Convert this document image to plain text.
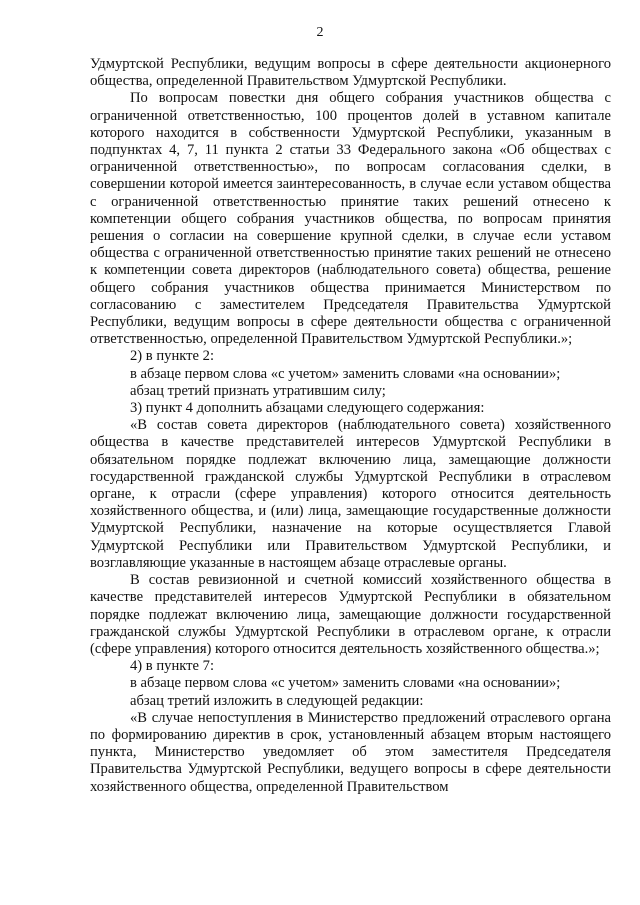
2

Удмуртской Республики, ведущим вопросы в сфере деятельности акционерного общества, определенной Правительством Удмуртской Республики.

По вопросам повестки дня общего собрания участников общества с ограниченной ответственностью, 100 процентов долей в уставном капитале которого находится в собственности Удмуртской Республики, указанным в подпунктах 4, 7, 11 пункта 2 статьи 33 Федерального закона «Об обществах с ограниченной ответственностью», по вопросам согласования сделки, в совершении которой имеется заинтересованность, в случае если уставом общества с ограниченной ответственностью принятие таких решений отнесено к компетенции общего собрания участников общества, по вопросам принятия решения о согласии на совершение крупной сделки, в случае если уставом общества с ограниченной ответственностью принятие таких решений не отнесено к компетенции совета директоров (наблюдательного совета) общества, решение общего собрания участников общества принимается Министерством по согласованию с заместителем Председателя Правительства Удмуртской Республики, ведущим вопросы в сфере деятельности общества с ограниченной ответственностью, определенной Правительством Удмуртской Республики.»;

2) в пункте 2:

в абзаце первом слова «с учетом» заменить словами «на основании»;

абзац третий признать утратившим силу;

3) пункт 4 дополнить абзацами следующего содержания:

«В состав совета директоров (наблюдательного совета) хозяйственного общества в качестве представителей интересов Удмуртской Республики в обязательном порядке подлежат включению лица, замещающие должности государственной гражданской службы Удмуртской Республики в отраслевом органе, к отрасли (сфере управления) которого относится деятельность хозяйственного общества, и (или) лица, замещающие государственные должности Удмуртской Республики, назначение на которые осуществляется Главой Удмуртской Республики или Правительством Удмуртской Республики, и возглавляющие указанные в настоящем абзаце отраслевые органы.

В состав ревизионной и счетной комиссий хозяйственного общества в качестве представителей интересов Удмуртской Республики в обязательном порядке подлежат включению лица, замещающие должности государственной гражданской службы Удмуртской Республики в отраслевом органе, к отрасли (сфере управления) которого относится деятельность хозяйственного общества.»;

4) в пункте 7:

в абзаце первом слова «с учетом» заменить словами «на основании»;

абзац третий изложить в следующей редакции:

«В случае непоступления в Министерство предложений отраслевого органа по формированию директив в срок, установленный абзацем вторым настоящего пункта, Министерство уведомляет об этом заместителя Председателя Правительства Удмуртской Республики, ведущего вопросы в сфере деятельности хозяйственного общества, определенной Правительством
